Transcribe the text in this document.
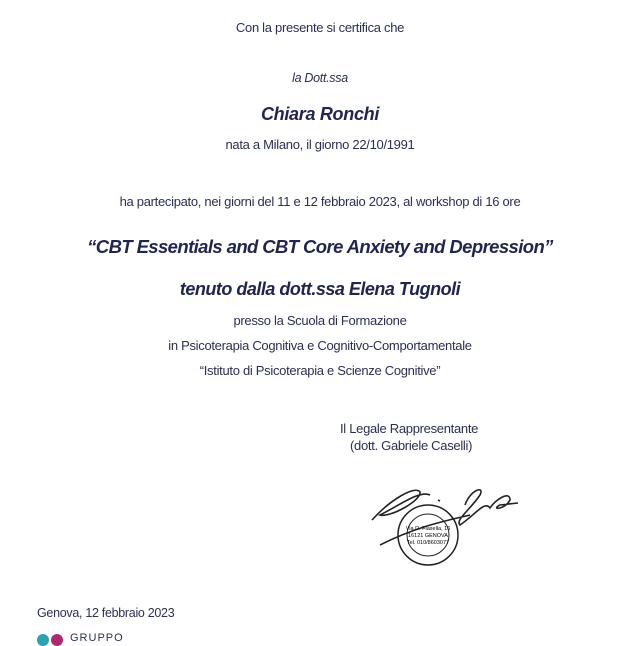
Con la presente si certifica che
la Dott.ssa
Chiara Ronchi
nata a Milano, il giorno 22/10/1991
ha partecipato, nei giorni del 11 e 12 febbraio 2023, al workshop di 16 ore
“CBT Essentials and CBT Core Anxiety and Depression”
tenuto dalla dott.ssa Elena Tugnoli
presso la Scuola di Formazione
in Psicoterapia Cognitiva e Cognitivo-Comportamentale
“Istituto di Psicoterapia e Scienze Cognitive”
Il Legale Rappresentante
(dott. Gabriele Caselli)
Via D. Fiasella, 16
16121 GENOVA
Tel. 010/8603077
Genova, 12 febbraio 2023
GRUPPO
